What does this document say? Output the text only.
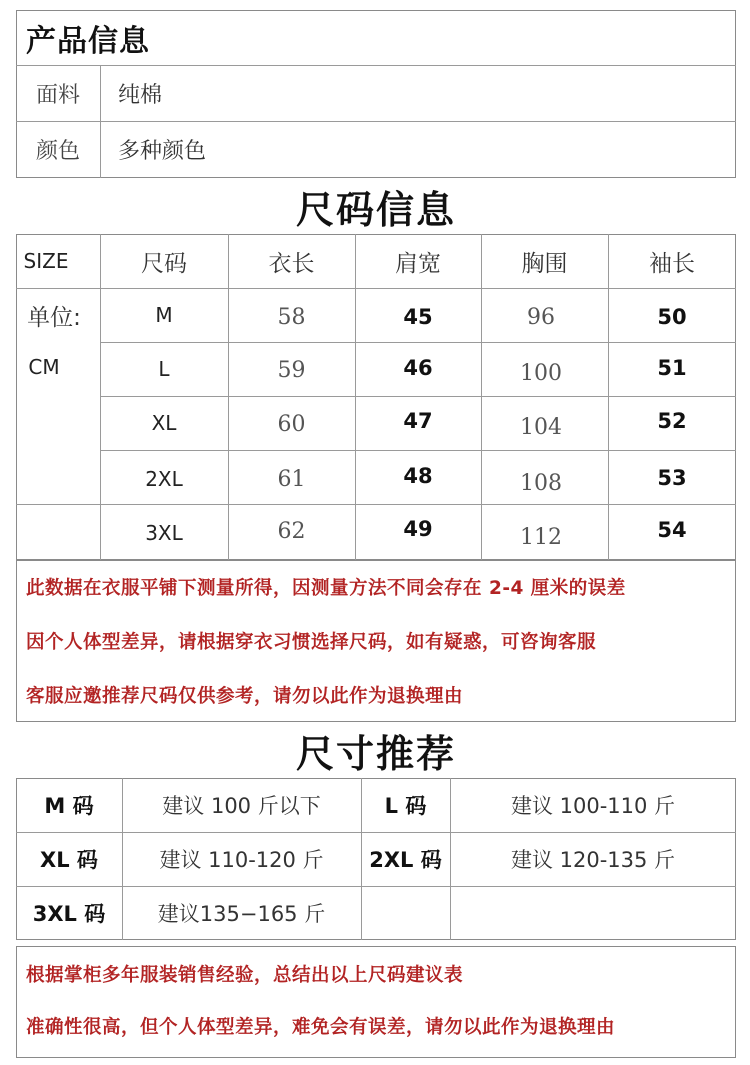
产品信息
面料	纯棉
颜色	多种颜色
尺码信息
SIZE	尺码	衣长	肩宽	胸围	袖长
单位:
CM
M	58	45	96	50
L	59	46	100	51
XL	60	47	104	52
2XL	61	48	108	53
3XL	62	49	112	54
此数据在衣服平铺下测量所得，因测量方法不同会存在 2-4 厘米的误差
因个人体型差异，请根据穿衣习惯选择尺码，如有疑惑，可咨询客服
客服应邀推荐尺码仅供参考，请勿以此作为退换理由
尺寸推荐
M 码	建议 100 斤以下	L 码	建议 100-110 斤
XL 码	建议 110-120 斤	2XL 码	建议 120-135 斤
3XL 码	建议135−165 斤
根据掌柜多年服装销售经验，总结出以上尺码建议表
准确性很高，但个人体型差异，难免会有误差，请勿以此作为退换理由
